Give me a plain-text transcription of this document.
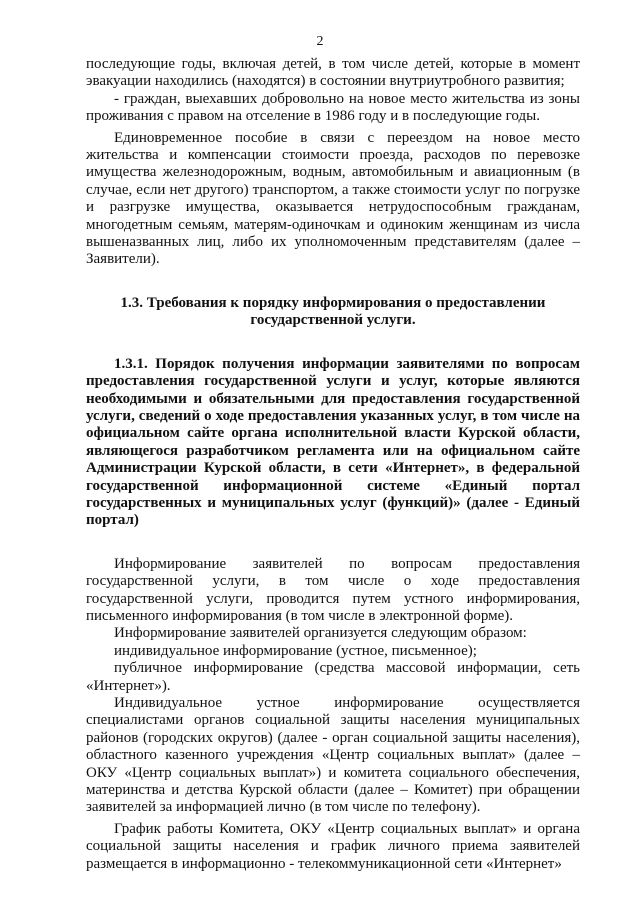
2

последующие годы, включая детей, в том числе детей, которые в момент эвакуации находились (находятся) в состоянии внутриутробного развития;

- граждан, выехавших добровольно на новое место жительства из зоны проживания с правом на отселение в 1986 году и в последующие годы.

Единовременное пособие в связи с переездом на новое место жительства и компенсации стоимости проезда, расходов по перевозке имущества железнодорожным, водным, автомобильным и авиационным (в случае, если нет другого) транспортом, а также стоимости услуг по погрузке и разгрузке имущества, оказывается нетрудоспособным гражданам, многодетным семьям, матерям-одиночкам и одиноким женщинам из числа вышеназванных лиц, либо их уполномоченным представителям (далее – Заявители).

1.3. Требования к порядку информирования о предоставлении государственной услуги.

1.3.1. Порядок получения информации заявителями по вопросам предоставления государственной услуги и услуг, которые являются необходимыми и обязательными для предоставления государственной услуги, сведений о ходе предоставления указанных услуг, в том числе на официальном сайте органа исполнительной власти Курской области, являющегося разработчиком регламента или на официальном сайте Администрации Курской области, в сети «Интернет», в федеральной государственной информационной системе «Единый портал государственных и муниципальных услуг (функций)» (далее - Единый портал)

Информирование заявителей по вопросам предоставления государственной услуги, в том числе о ходе предоставления государственной услуги, проводится путем устного информирования, письменного информирования (в том числе в электронной форме).

Информирование заявителей организуется следующим образом:

индивидуальное информирование (устное, письменное);

публичное информирование (средства массовой информации, сеть «Интернет»).

Индивидуальное устное информирование осуществляется специалистами органов социальной защиты населения муниципальных районов (городских округов) (далее - орган социальной защиты населения), областного казенного учреждения «Центр социальных выплат» (далее – ОКУ «Центр социальных выплат») и комитета социального обеспечения, материнства и детства Курской области (далее – Комитет) при обращении заявителей за информацией лично (в том числе по телефону).

График работы Комитета, ОКУ «Центр социальных выплат» и органа социальной защиты населения и график личного приема заявителей размещается в информационно - телекоммуникационной сети «Интернет»
